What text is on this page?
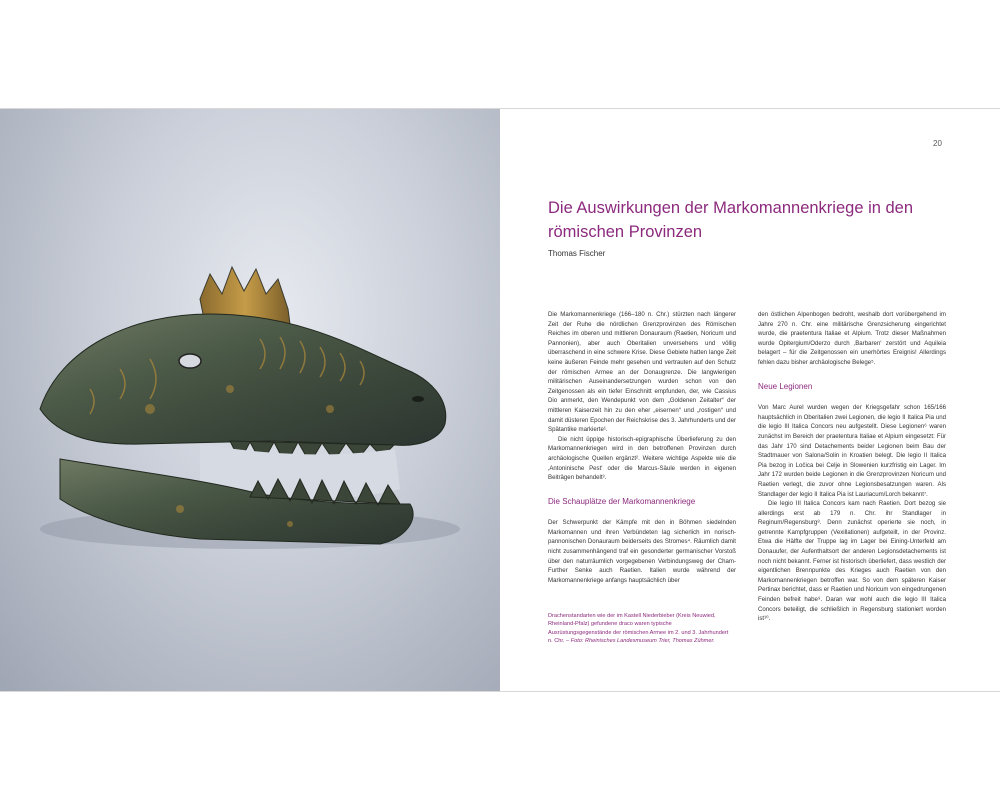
20
Die Auswirkungen der Markomannenkriege in den römischen Provinzen
Thomas Fischer

Die Markomannenkriege (166–180 n. Chr.) stürzten nach längerer Zeit der Ruhe die nördlichen Grenzprovinzen des Römischen Reiches im oberen und mittleren Donauraum (Raetien, Noricum und Pannonien), aber auch Oberitalien unversehens und völlig überraschend in eine schwere Krise. Diese Gebiete hatten lange Zeit keine äußeren Feinde mehr gesehen und vertrauten auf den Schutz der römischen Armee an der Donaugrenze. Die langwierigen militärischen Auseinandersetzungen wurden schon von den Zeitgenossen als ein tiefer Einschnitt empfunden, der, wie Cassius Dio anmerkt, den Wendepunkt von dem „Goldenen Zeitalter“ der mittleren Kaiserzeit hin zu den eher „eisernen“ und „rostigen“ und damit düsteren Epochen der Reichskrise des 3. Jahrhunderts und der Spätantike markierte¹.

Die nicht üppige historisch-epigraphische Überlieferung zu den Markomannenkriegen wird in den betroffenen Provinzen durch archäologische Quellen ergänzt². Weitere wichtige Aspekte wie die ‚Antoninische Pest‘ oder die Marcus-Säule werden in eigenen Beiträgen behandelt³.

Die Schauplätze der Markomannenkriege

Der Schwerpunkt der Kämpfe mit den in Böhmen siedelnden Markomannen und ihren Verbündeten lag sicherlich im norisch-pannonischen Donauraum beiderseits des Stromes⁴. Räumlich damit nicht zusammenhängend traf ein gesonderter germanischer Vorstoß über den naturräumlich vorgegebenen Verbindungsweg der Cham-Further Senke auch Raetien. Italien wurde während der Markomannenkriege anfangs hauptsächlich über

den östlichen Alpenbogen bedroht, weshalb dort vorübergehend im Jahre 270 n. Chr. eine militärische Grenzsicherung eingerichtet wurde, die praetentura Italiae et Alpium. Trotz dieser Maßnahmen wurde Opitergium/Oderzo durch ‚Barbaren‘ zerstört und Aquileia belagert – für die Zeitgenossen ein unerhörtes Ereignis! Allerdings fehlen dazu bisher archäologische Belege⁵.

Neue Legionen

Von Marc Aurel wurden wegen der Kriegsgefahr schon 165/166 hauptsächlich in Oberitalien zwei Legionen, die legio II Italica Pia und die legio III Italica Concors neu aufgestellt. Diese Legionen⁶ waren zunächst im Bereich der praetentura Italiae et Alpium eingesetzt: Für das Jahr 170 sind Detachements beider Legionen beim Bau der Stadtmauer von Salona/Solin in Kroatien belegt. Die legio II Italica Pia bezog in Ločica bei Celje in Slowenien kurzfristig ein Lager. Im Jahr 172 wurden beide Legionen in die Grenzprovinzen Noricum und Raetien verlegt, die zuvor ohne Legionsbesatzungen waren. Als Standlager der legio II Italica Pia ist Lauriacum/Lorch bekannt⁷.

Die legio III Italica Concors kam nach Raetien. Dort bezog sie allerdings erst ab 179 n. Chr. ihr Standlager in Reginum/Regensburg⁸. Denn zunächst operierte sie noch, in getrennte Kampfgruppen (Vexillationen) aufgeteilt, in der Provinz. Etwa die Hälfte der Truppe lag im Lager bei Eining-Unterfeld am Donauufer, der Aufenthaltsort der anderen Legionsdetachements ist noch nicht bekannt. Ferner ist historisch überliefert, dass westlich der eigentlichen Brennpunkte des Krieges auch Raetien von den Markomannenkriegen betroffen war. So von dem späteren Kaiser Pertinax berichtet, dass er Raetien und Noricum von eingedrungenen Feinden befreit habe⁹. Daran war wohl auch die legio III Italica Concors beteiligt, die schließlich in Regensburg stationiert worden ist¹⁰.

Drachenstandarten wie der im Kastell Niederbieber (Kreis Neuwied, Rheinland-Pfalz) gefundene draco waren typische Ausrüstungsgegenstände der römischen Armee im 2. und 3. Jahrhundert n. Chr. – Foto: Rheinisches Landesmuseum Trier, Thomas Zühmer.
